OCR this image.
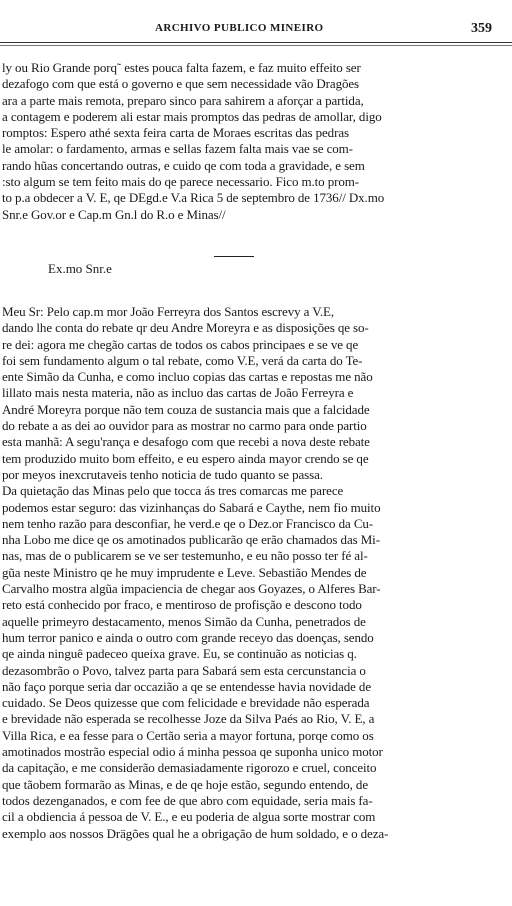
ARCHIVO PUBLICO MINEIRO	359
ly ou Rio Grande porq˜ estes pouca falta fazem, e faz muito effeito ser
dezafogo com que está o governo e que sem necessidade vão Dragões
ara a parte mais remota, preparo sinco para sahirem a aforçar a partida,
a contagem e poderem ali estar mais promptos das pedras de amollar, digo
romptos: Espero athé sexta feira carta de Moraes escritas das pedras
le amolar: o fardamento, armas e sellas fazem falta mais vae se com-
rando hũas concertando outras, e cuido qe com toda a gravidade, e sem
:sto algum se tem feito mais do qe parece necessario. Fico m.to prom-
to p.a obdecer a V. E, qe DEgd.e V.a Rica 5 de septembro de 1736// Dx.mo
Snr.e Gov.or e Cap.m Gn.l do R.o e Minas//
Ex.mo Snr.e
Meu Sr: Pelo cap.m mor João Ferreyra dos Santos escrevy a V.E,
dando lhe conta do rebate qr deu Andre Moreyra e as disposições qe so-
re dei: agora me chegão cartas de todos os cabos principaes e se ve qe
foi sem fundamento algum o tal rebate, como V.E, verá da carta do Te-
ente Simão da Cunha, e como incluo copias das cartas e repostas me não
lillato mais nesta materia, não as incluo das cartas de João Ferreyra e
André Moreyra porque não tem couza de sustancia mais que a falcidade
do rebate a as dei ao ouvidor para as mostrar no carmo para onde partio
esta manhã: A segu'rança e desafogo com que recebi a nova deste rebate
tem produzido muito bom effeito, e eu espero ainda mayor crendo se qe
por meyos inexcrutaveis tenho noticia de tudo quanto se passa.
Da quietação das Minas pelo que tocca ás tres comarcas me parece
podemos estar seguro: das vizinhanças do Sabará e Caythe, nem fio muito
nem tenho razão para desconfiar, he verd.e qe o Dez.or Francisco da Cu-
nha Lobo me dice qe os amotinados publicarão qe erão chamados das Mi-
nas, mas de o publicarem se ve ser testemunho, e eu não posso ter fé al-
gũa neste Ministro qe he muy imprudente e Leve. Sebastião Mendes de
Carvalho mostra algũa impaciencia de chegar aos Goyazes, o Alferes Bar-
reto está conhecido por fraco, e mentiroso de profisção e descono todo
aquelle primeyro destacamento, menos Simão da Cunha, penetrados de
hum terror panico e ainda o outro com grande receyo das doenças, sendo
qe ainda ninguê padeceo queixa grave. Eu, se continuão as noticias q.
dezasombrão o Povo, talvez parta para Sabará sem esta cercunstancia o
não faço porque seria dar occazião a qe se entendesse havia novidade de
cuidado. Se Deos quizesse que com felicidade e brevidade não esperada
e brevidade não esperada se recolhesse Joze da Silva Paés ao Rio, V. E, a
Villa Rica, e ea fesse para o Certão seria a mayor fortuna, porqe como os
amotinados mostrão especial odio á minha pessoa qe suponha unico motor
da capitação, e me considerão demasiadamente rigorozo e cruel, conceito
que tãobem formarão as Minas, e de qe hoje estão, segundo entendo, de
todos dezenganados, e com fee de que abro com equidade, seria mais fa-
cil a obdiencia á pessoa de V. E., e eu poderia de algua sorte mostrar com
exemplo aos nossos Drägões qual he a obrigação de hum soldado, e o deza-
